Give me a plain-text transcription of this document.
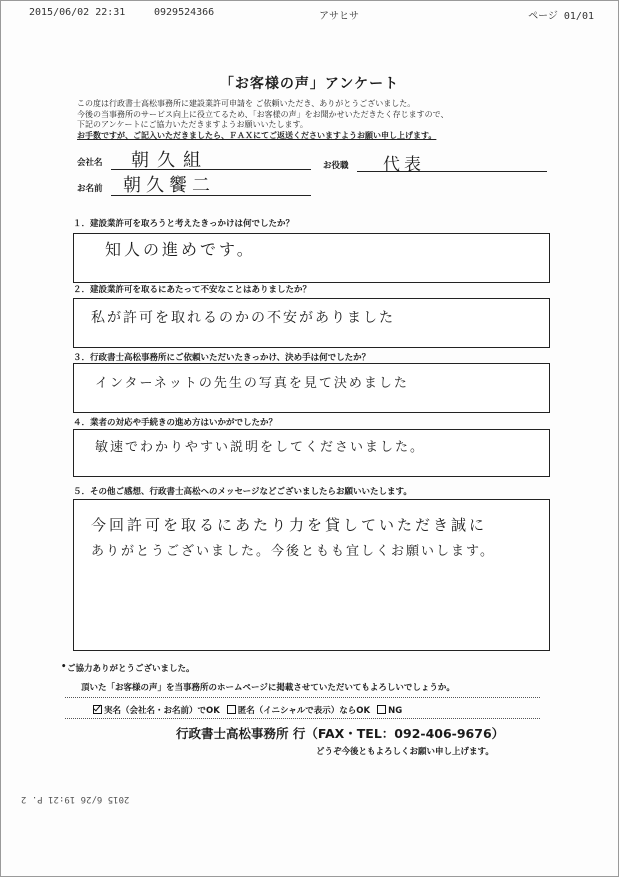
2015/06/02 22:31	0929524366	アサヒサ	ページ 01/01
「お客様の声」アンケート
この度は行政書士高松事務所に建設業許可申請を ご依頼いただき、ありがとうございました。
今後の当事務所のサービス向上に役立てるため、「お客様の声」をお聞かせいただきたく存じますので、
下記のアンケートにご協力いただきますようお願いいたします。
お手数ですが、ご記入いただきましたら、ＦＡＸにてご返送くださいますようお願い申し上げます。
会社名 朝久組	お役職 代表
お名前 朝久饗二
１．建設業許可を取ろうと考えたきっかけは何でしたか？
知人の進めです。
２．建設業許可を取るにあたって不安なことはありましたか？
私が許可を取れるのかの不安がありました
３．行政書士高松事務所にご依頼いただいたきっかけ、決め手は何でしたか？
インターネットの先生の写真を見て決めました
４．業者の対応や手続きの進め方はいかがでしたか？
敏速でわかりやすい説明をしてくださいました。
５．その他ご感想、行政書士高松へのメッセージなどございましたらお願いいたします。
今回許可を取るにあたり力を貸していただき誠に
ありがとうございました。今後ともも宜しくお願いします。
• ご協力ありがとうございました。
頂いた「お客様の声」を当事務所のホームページに掲載させていただいてもよろしいでしょうか。
実名（会社名・お名前）でOK 匿名（イニシャルで表示）ならOK NG
行政書士高松事務所 行（FAX・TEL：092-406-9676）
どうぞ今後ともよろしくお願い申し上げます。
2015 6/26 19:21 P. 2
